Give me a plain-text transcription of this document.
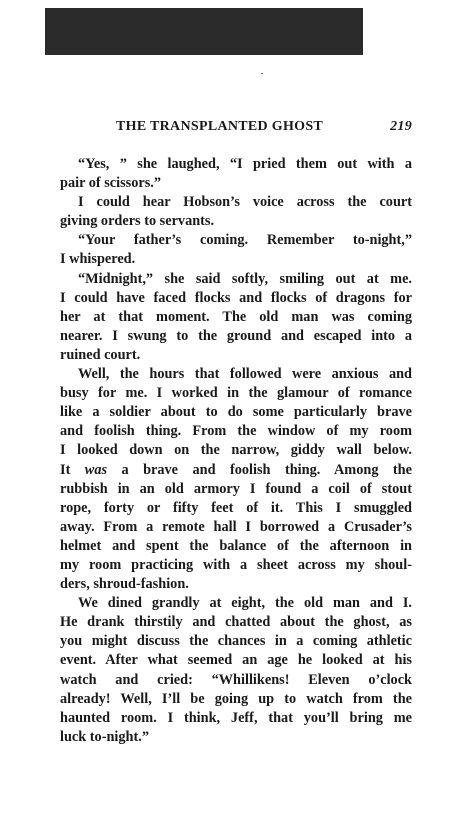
THE TRANSPLANTED GHOST	219
“Yes, ” she laughed, “I pried them out with a
pair of scissors.”
I could hear Hobson’s voice across the court
giving orders to servants.
“Your father’s coming. Remember to-night,”
I whispered.
“Midnight,” she said softly, smiling out at me.
I could have faced flocks and flocks of dragons for
her at that moment. The old man was coming
nearer. I swung to the ground and escaped into a
ruined court.
Well, the hours that followed were anxious and
busy for me. I worked in the glamour of romance
like a soldier about to do some particularly brave
and foolish thing. From the window of my room
I looked down on the narrow, giddy wall below.
It was a brave and foolish thing. Among the
rubbish in an old armory I found a coil of stout
rope, forty or fifty feet of it. This I smuggled
away. From a remote hall I borrowed a Crusader’s
helmet and spent the balance of the afternoon in
my room practicing with a sheet across my shoul-
ders, shroud-fashion.
We dined grandly at eight, the old man and I.
He drank thirstily and chatted about the ghost, as
you might discuss the chances in a coming athletic
event. After what seemed an age he looked at his
watch and cried: “Whillikens! Eleven o’clock
already! Well, I’ll be going up to watch from the
haunted room. I think, Jeff, that you’ll bring me
luck to-night.”
